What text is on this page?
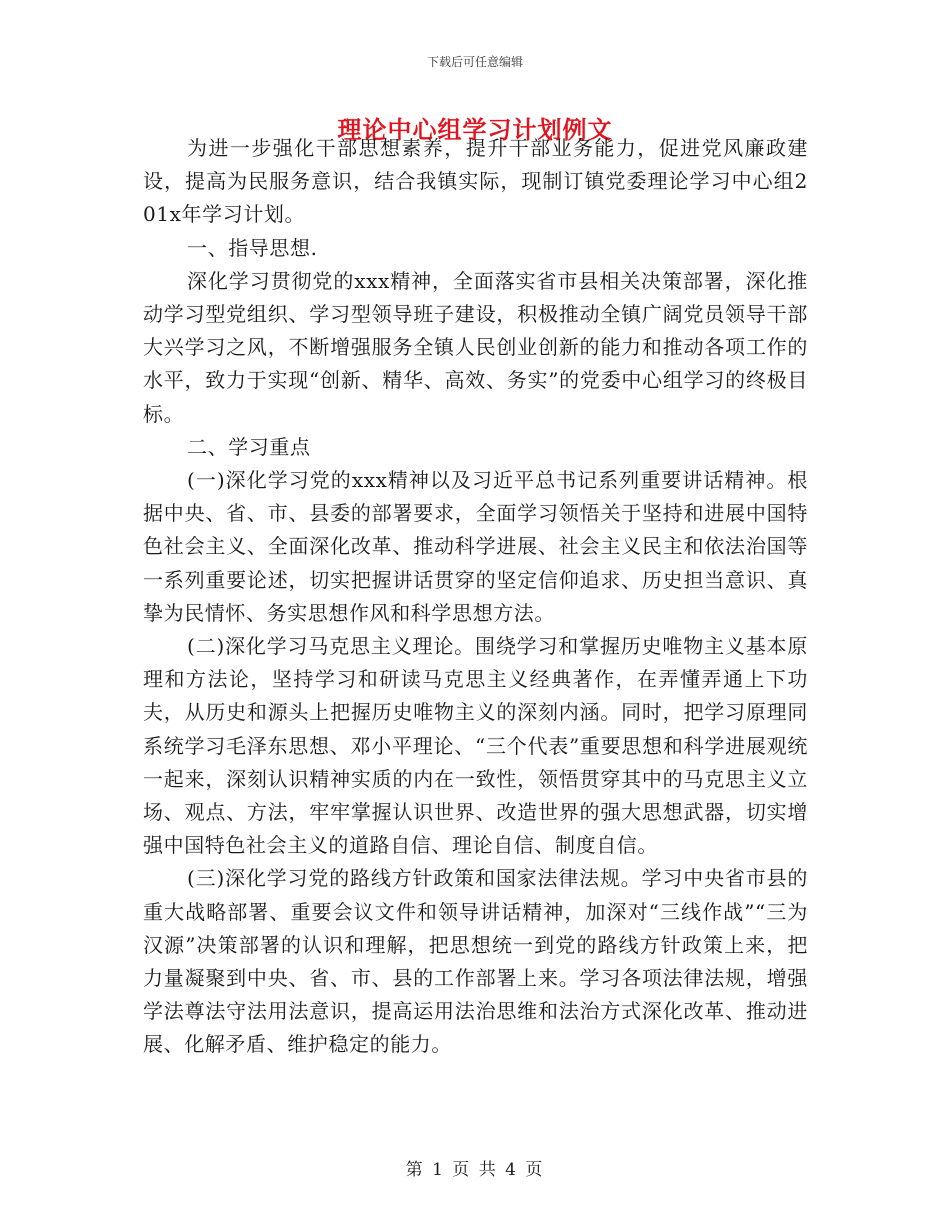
下载后可任意编辑
理论中心组学习计划例文

为进一步强化干部思想素养，提升干部业务能力，促进党风廉政建设，提高为民服务意识，结合我镇实际，现制订镇党委理论学习中心组201x年学习计划。

一、指导思想.

深化学习贯彻党的xxx精神，全面落实省市县相关决策部署，深化推动学习型党组织、学习型领导班子建设，积极推动全镇广阔党员领导干部大兴学习之风，不断增强服务全镇人民创业创新的能力和推动各项工作的水平，致力于实现“创新、精华、高效、务实”的党委中心组学习的终极目标。

二、学习重点

(一)深化学习党的xxx精神以及习近平总书记系列重要讲话精神。根据中央、省、市、县委的部署要求，全面学习领悟关于坚持和进展中国特色社会主义、全面深化改革、推动科学进展、社会主义民主和依法治国等一系列重要论述，切实把握讲话贯穿的坚定信仰追求、历史担当意识、真挚为民情怀、务实思想作风和科学思想方法。

(二)深化学习马克思主义理论。围绕学习和掌握历史唯物主义基本原理和方法论，坚持学习和研读马克思主义经典著作，在弄懂弄通上下功夫，从历史和源头上把握历史唯物主义的深刻内涵。同时，把学习原理同系统学习毛泽东思想、邓小平理论、“三个代表”重要思想和科学进展观统一起来，深刻认识精神实质的内在一致性，领悟贯穿其中的马克思主义立场、观点、方法，牢牢掌握认识世界、改造世界的强大思想武器，切实增强中国特色社会主义的道路自信、理论自信、制度自信。

(三)深化学习党的路线方针政策和国家法律法规。学习中央省市县的重大战略部署、重要会议文件和领导讲话精神，加深对“三线作战”“三为汉源”决策部署的认识和理解，把思想统一到党的路线方针政策上来，把力量凝聚到中央、省、市、县的工作部署上来。学习各项法律法规，增强学法尊法守法用法意识，提高运用法治思维和法治方式深化改革、推动进展、化解矛盾、维护稳定的能力。

第 1 页 共 4 页
